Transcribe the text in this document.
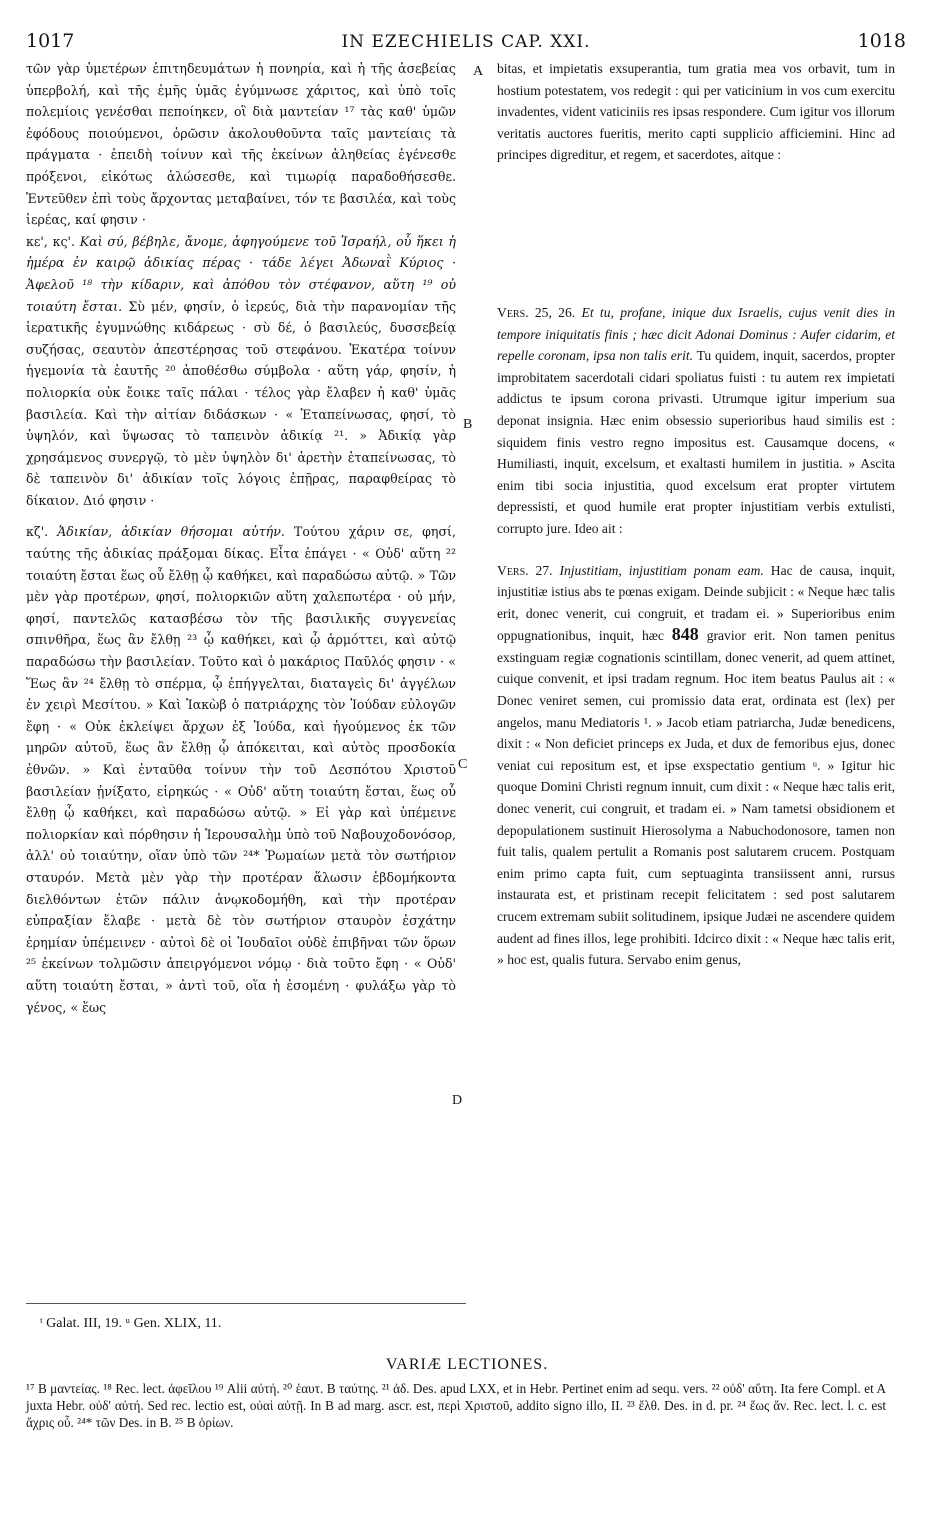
1017	IN EZECHIELIS CAP. XXI.	1018

τῶν γὰρ ὑμετέρων ἐπιτηδευμάτων ἡ πονηρία, καὶ ἡ τῆς ἀσεβείας ὑπερβολή, καὶ τῆς ἐμῆς ὑμᾶς ἐγύμνωσε χάριτος, καὶ ὑπὸ τοῖς πολεμίοις γενέσθαι πεποίηκεν, οἳ διὰ μαντείαν ¹⁷ τὰς καθ' ὑμῶν ἐφόδους ποιούμενοι, ὁρῶσιν ἀκολουθοῦντα ταῖς μαντείαις τὰ πράγματα · ἐπειδὴ τοίνυν καὶ τῆς ἐκείνων ἀληθείας ἐγένεσθε πρόξενοι, εἰκότως ἁλώσεσθε, καὶ τιμωρίᾳ παραδοθήσεσθε. Ἐντεῦθεν ἐπὶ τοὺς ἄρχοντας μεταβαίνει, τόν τε βασιλέα, καὶ τοὺς ἱερέας, καί φησιν ·

κε', κς'. Καὶ σύ, βέβηλε, ἄνομε, ἀφηγούμενε τοῦ Ἰσραήλ, οὗ ἥκει ἡ ἡμέρα ἐν καιρῷ ἀδικίας πέρας · τάδε λέγει Ἀδωναῒ Κύριος · Ἀφελοῦ ¹⁸ τὴν κίδαριν, καὶ ἀπόθου τὸν στέφανον, αὕτη ¹⁹ οὐ τοιαύτη ἔσται. Σὺ μέν, φησίν, ὁ ἱερεύς, διὰ τὴν παρανομίαν τῆς ἱερατικῆς ἐγυμνώθης κιδάρεως · σὺ δέ, ὁ βασιλεύς, δυσσεβείᾳ συζήσας, σεαυτὸν ἀπεστέρησας τοῦ στεφάνου. Ἑκατέρα τοίνυν ἡγεμονία τὰ ἑαυτῆς ²⁰ ἀποθέσθω σύμβολα · αὕτη γάρ, φησίν, ἡ πολιορκία οὐκ ἔοικε ταῖς πάλαι · τέλος γὰρ ἔλαβεν ἡ καθ' ὑμᾶς βασιλεία. Καὶ τὴν αἰτίαν διδάσκων · « Ἐταπείνωσας, φησί, τὸ ὑψηλόν, καὶ ὕψωσας τὸ ταπεινὸν ἀδικίᾳ ²¹. » Ἀδικίᾳ γὰρ χρησάμενος συνεργῷ, τὸ μὲν ὑψηλὸν δι' ἀρετὴν ἐταπείνωσας, τὸ δὲ ταπεινὸν δι' ἀδικίαν τοῖς λόγοις ἐπῇρας, παραφθείρας τὸ δίκαιον. Διό φησιν ·

κζ'. Ἀδικίαν, ἀδικίαν θήσομαι αὐτήν. Τούτου χάριν σε, φησί, ταύτης τῆς ἀδικίας πράξομαι δίκας. Εἶτα ἐπάγει · « Οὐδ' αὕτη ²² τοιαύτη ἔσται ἕως οὗ ἔλθῃ ᾧ καθήκει, καὶ παραδώσω αὐτῷ. » Τῶν μὲν γὰρ προτέρων, φησί, πολιορκιῶν αὕτη χαλεπωτέρα · οὐ μήν, φησί, παντελῶς κατασβέσω τὸν τῆς βασιλικῆς συγγενείας σπινθῆρα, ἕως ἂν ἔλθῃ ²³ ᾧ καθήκει, καὶ ᾧ ἁρμόττει, καὶ αὐτῷ παραδώσω τὴν βασιλείαν. Τοῦτο καὶ ὁ μακάριος Παῦλός φησιν · « Ἕως ἂν ²⁴ ἔλθῃ τὸ σπέρμα, ᾧ ἐπήγγελται, διαταγεὶς δι' ἀγγέλων ἐν χειρὶ Μεσίτου. » Καὶ Ἰακὼβ ὁ πατριάρχης τὸν Ἰούδαν εὐλογῶν ἔφη · « Οὐκ ἐκλείψει ἄρχων ἐξ Ἰούδα, καὶ ἡγούμενος ἐκ τῶν μηρῶν αὐτοῦ, ἕως ἂν ἔλθῃ ᾧ ἀπόκειται, καὶ αὐτὸς προσδοκία ἐθνῶν. » Καὶ ἐνταῦθα τοίνυν τὴν τοῦ Δεσπότου Χριστοῦ βασιλείαν ᾐνίξατο, εἰρηκώς · « Οὐδ' αὕτη τοιαύτη ἔσται, ἕως οὗ ἔλθῃ ᾧ καθήκει, καὶ παραδώσω αὐτῷ. » Εἰ γὰρ καὶ ὑπέμεινε πολιορκίαν καὶ πόρθησιν ἡ Ἱερουσαλὴμ ὑπὸ τοῦ Ναβουχοδονόσορ, ἀλλ' οὐ τοιαύτην, οἵαν ὑπὸ τῶν ²⁴* Ῥωμαίων μετὰ τὸν σωτήριον σταυρόν. Μετὰ μὲν γὰρ τὴν προτέραν ἅλωσιν ἑβδομήκοντα διελθόντων ἐτῶν πάλιν ἀνῳκοδομήθη, καὶ τὴν προτέραν εὐπραξίαν ἔλαβε · μετὰ δὲ τὸν σωτήριον σταυρὸν ἐσχάτην ἐρημίαν ὑπέμεινεν · αὐτοὶ δὲ οἱ Ἰουδαῖοι οὐδὲ ἐπιβῆναι τῶν ὅρων ²⁵ ἐκείνων τολμῶσιν ἀπειργόμενοι νόμῳ · διὰ τοῦτο ἔφη · « Οὐδ' αὕτη τοιαύτη ἔσται, » ἀντὶ τοῦ, οἵα ἡ ἐσομένη · φυλάξω γὰρ τὸ γένος, « ἕως

bitas, et impietatis exsuperantia, tum gratia mea vos orbavit, tum in hostium potestatem, vos redegit : qui per vaticinium in vos cum exercitu invadentes, vident vaticiniis res ipsas respondere. Cum igitur vos illorum veritatis auctores fueritis, merito capti supplicio afficiemini. Hinc ad principes digreditur, et regem, et sacerdotes, aitque :

Vers. 25, 26. Et tu, profane, inique dux Israelis, cujus venit dies in tempore iniquitatis finis ; hæc dicit Adonai Dominus : Aufer cidarim, et repelle coronam, ipsa non talis erit. Tu quidem, inquit, sacerdos, propter improbitatem sacerdotali cidari spoliatus fuisti : tu autem rex impietati addictus te ipsum corona privasti. Utrumque igitur imperium sua deponat insignia. Hæc enim obsessio superioribus haud similis est : siquidem finis vestro regno impositus est. Causamque docens, « Humiliasti, inquit, excelsum, et exaltasti humilem in justitia. » Ascita enim tibi socia injustitia, quod excelsum erat propter virtutem depressisti, et quod humile erat propter injustitiam verbis extulisti, corrupto jure. Ideo ait :

Vers. 27. Injustitiam, injustitiam ponam eam. Hac de causa, inquit, injustitiæ istius abs te pœnas exigam. Deinde subjicit : « Neque hæc talis erit, donec venerit, cui congruit, et tradam ei. » Superioribus enim oppugnationibus, inquit, hæc 848 gravior erit. Non tamen penitus exstinguam regiæ cognationis scintillam, donec venerit, ad quem attinet, cuique convenit, et ipsi tradam regnum. Hoc item beatus Paulus ait : « Donec veniret semen, cui promissio data erat, ordinata est (lex) per angelos, manu Mediatoris ¹. » Jacob etiam patriarcha, Judæ benedicens, dixit : « Non deficiet princeps ex Juda, et dux de femoribus ejus, donec veniat cui repositum est, et ipse exspectatio gentium ᵘ. » Igitur hic quoque Domini Christi regnum innuit, cum dixit : « Neque hæc talis erit, donec venerit, cui congruit, et tradam ei. » Nam tametsi obsidionem et depopulationem sustinuit Hierosolyma a Nabuchodonosore, tamen non fuit talis, qualem pertulit a Romanis post salutarem crucem. Postquam enim primo capta fuit, cum septuaginta transiissent anni, rursus instaurata est, et pristinam recepit felicitatem : sed post salutarem crucem extremam subiit solitudinem, ipsique Judæi ne ascendere quidem audent ad fines illos, lege prohibiti. Idcirco dixit : « Neque hæc talis erit, » hoc est, qualis futura. Servabo enim genus,

A
B
C
D
ᵗ Galat. III, 19. ᵘ Gen. XLIX, 11.
VARIÆ LECTIONES.
¹⁷ B μαντείας. ¹⁸ Rec. lect. ἀφεῖλου ¹⁹ Alii αὐτή. ²⁰ ἑαυτ. B ταύτης. ²¹ ἀδ. Des. apud LXX, et in Hebr. Pertinet enim ad sequ. vers. ²² οὐδ' αὕτη. Ita fere Compl. et A juxta Hebr. οὐδ' αὐτή. Sed rec. lectio est, οὐαὶ αὐτῇ. In B ad marg. ascr. est, περὶ Χριστοῦ, addito signo illo, II. ²³ ἔλθ. Des. in d. pr. ²⁴ ἕως ἄν. Rec. lect. l. c. est ἄχρις οὗ. ²⁴* τῶν Des. in B. ²⁵ B ὁρίων.
